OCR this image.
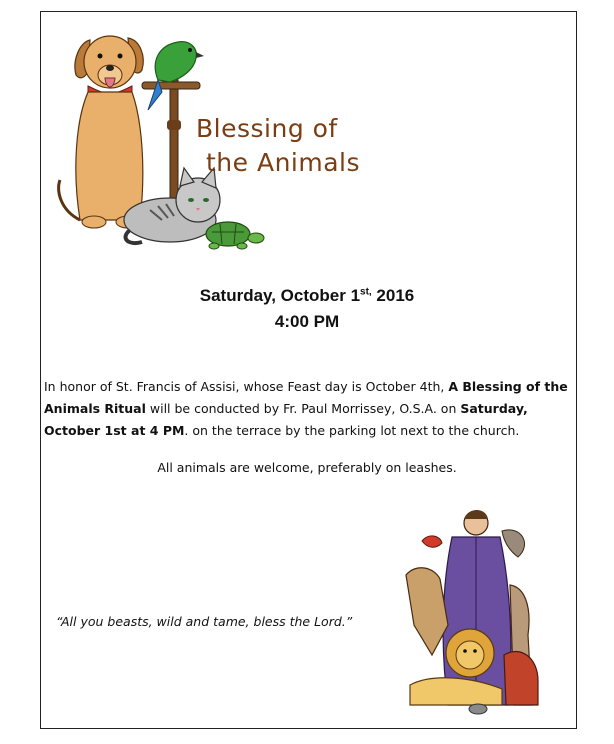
Blessing of
the Animals
Saturday, October $1^{st,}$ 2016
4:00 PM
In honor of St. Francis of Assisi, whose Feast day is October 4th, A Blessing of the Animals Ritual will be conducted by Fr. Paul Morrissey, O.S.A. on Saturday, October 1st at 4 PM. on the terrace by the parking lot next to the church.
All animals are welcome, preferably on leashes.
“All you beasts, wild and tame, bless the Lord.”
